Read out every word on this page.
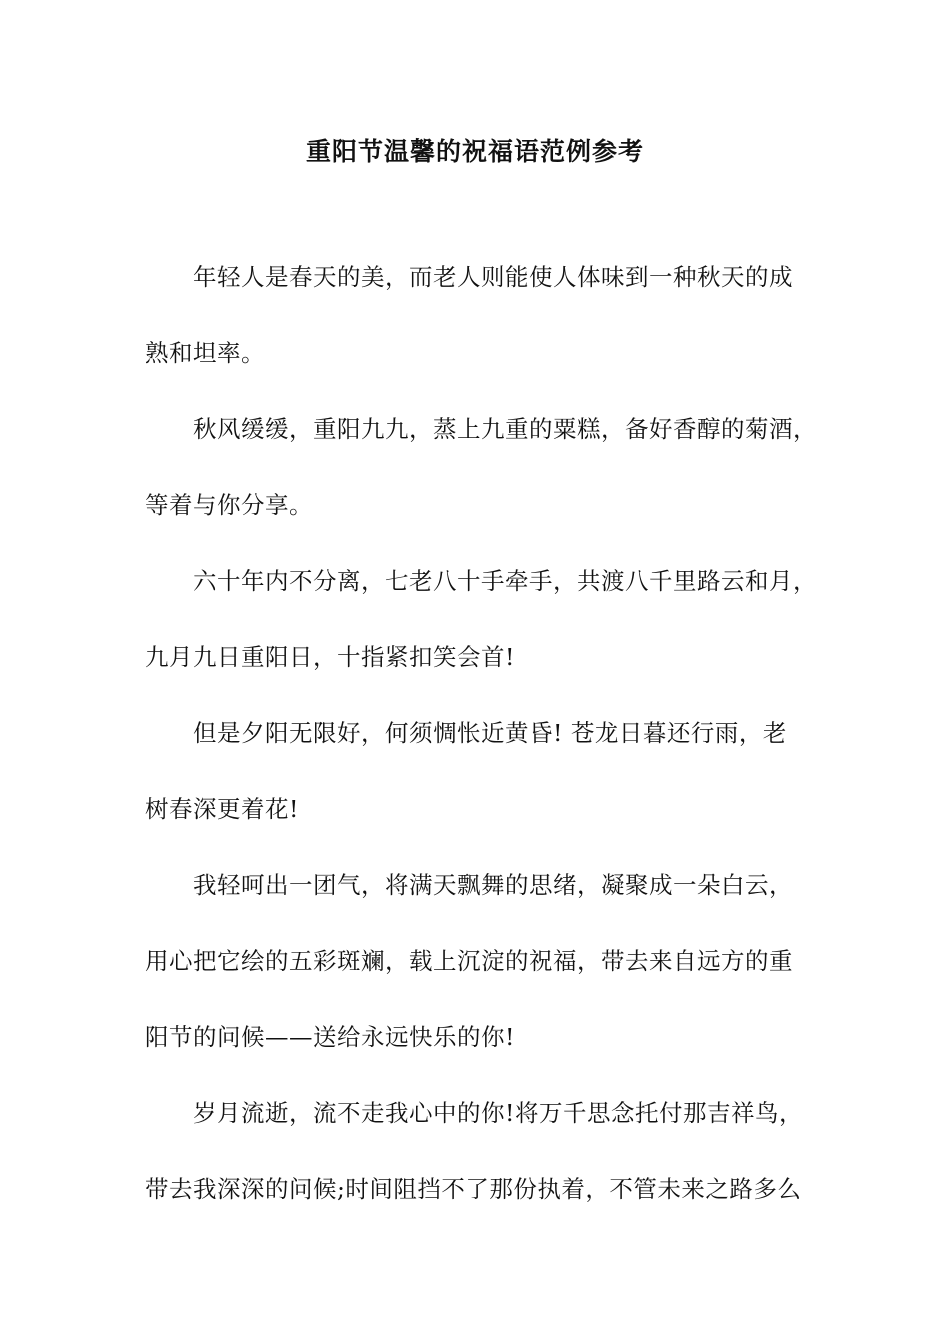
重阳节温馨的祝福语范例参考
年轻人是春天的美，而老人则能使人体味到一种秋天的成
熟和坦率。
秋风缓缓，重阳九九，蒸上九重的粟糕，备好香醇的菊酒，
等着与你分享。
六十年内不分离，七老八十手牵手，共渡八千里路云和月，
九月九日重阳日，十指紧扣笑会首!
但是夕阳无限好，何须惆怅近黄昏! 苍龙日暮还行雨，老
树春深更着花!
我轻呵出一团气，将满天飘舞的思绪，凝聚成一朵白云，
用心把它绘的五彩斑斓，载上沉淀的祝福，带去来自远方的重
阳节的问候——送给永远快乐的你!
岁月流逝，流不走我心中的你!将万千思念托付那吉祥鸟，
带去我深深的问候;时间阻挡不了那份执着，不管未来之路多么
